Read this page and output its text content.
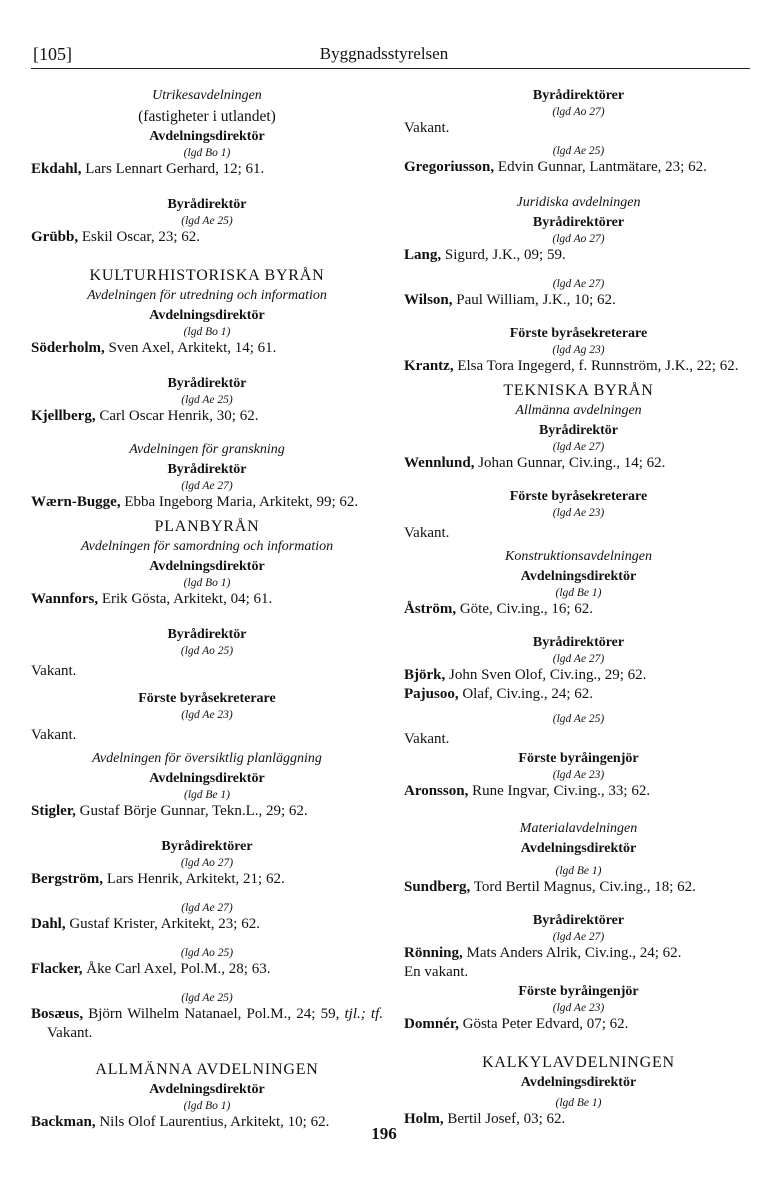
[105]	Byggnadsstyrelsen
Utrikesavdelningen
(fastigheter i utlandet)
Avdelningsdirektör
(lgd Bo 1)
Ekdahl, Lars Lennart Gerhard, 12; 61.
Byrådirektör
(lgd Ae 25)
Grübb, Eskil Oscar, 23; 62.
KULTURHISTORISKA BYRÅN
Avdelningen för utredning och information
Avdelningsdirektör
(lgd Bo 1)
Söderholm, Sven Axel, Arkitekt, 14; 61.
Byrådirektör
(lgd Ae 25)
Kjellberg, Carl Oscar Henrik, 30; 62.
Avdelningen för granskning
Byrådirektör
(lgd Ae 27)
Wærn-Bugge, Ebba Ingeborg Maria, Arkitekt, 99; 62.
PLANBYRÅN
Avdelningen för samordning och information
Avdelningsdirektör
(lgd Bo 1)
Wannfors, Erik Gösta, Arkitekt, 04; 61.
Byrådirektör
(lgd Ao 25)
Vakant.
Förste byråsekreterare
(lgd Ae 23)
Vakant.
Avdelningen för översiktlig planläggning
Avdelningsdirektör
(lgd Be 1)
Stigler, Gustaf Börje Gunnar, Tekn.L., 29; 62.
Byrådirektörer
(lgd Ao 27)
Bergström, Lars Henrik, Arkitekt, 21; 62.
(lgd Ae 27)
Dahl, Gustaf Krister, Arkitekt, 23; 62.
(lgd Ao 25)
Flacker, Åke Carl Axel, Pol.M., 28; 63.
(lgd Ae 25)
Bosæus, Björn Wilhelm Natanael, Pol.M., 24; 59, tjl.; tf. Vakant.
ALLMÄNNA AVDELNINGEN
Avdelningsdirektör
(lgd Bo 1)
Backman, Nils Olof Laurentius, Arkitekt, 10; 62.
Byrådirektörer
(lgd Ao 27)
Vakant.
(lgd Ae 25)
Gregoriusson, Edvin Gunnar, Lantmätare, 23; 62.
Juridiska avdelningen
Byrådirektörer
(lgd Ao 27)
Lang, Sigurd, J.K., 09; 59.
(lgd Ae 27)
Wilson, Paul William, J.K., 10; 62.
Förste byråsekreterare
(lgd Ag 23)
Krantz, Elsa Tora Ingegerd, f. Runnström, J.K., 22; 62.
TEKNISKA BYRÅN
Allmänna avdelningen
Byrådirektör
(lgd Ae 27)
Wennlund, Johan Gunnar, Civ.ing., 14; 62.
Förste byråsekreterare
(lgd Ae 23)
Vakant.
Konstruktionsavdelningen
Avdelningsdirektör
(lgd Be 1)
Åström, Göte, Civ.ing., 16; 62.
Byrådirektörer
(lgd Ae 27)
Björk, John Sven Olof, Civ.ing., 29; 62.
Pajusoo, Olaf, Civ.ing., 24; 62.
(lgd Ae 25)
Vakant.
Förste byråingenjör
(lgd Ae 23)
Aronsson, Rune Ingvar, Civ.ing., 33; 62.
Materialavdelningen
Avdelningsdirektör
(lgd Be 1)
Sundberg, Tord Bertil Magnus, Civ.ing., 18; 62.
Byrådirektörer
(lgd Ae 27)
Rönning, Mats Anders Alrik, Civ.ing., 24; 62.
En vakant.
Förste byråingenjör
(lgd Ae 23)
Domnér, Gösta Peter Edvard, 07; 62.
KALKYLAVDELNINGEN
Avdelningsdirektör
(lgd Be 1)
Holm, Bertil Josef, 03; 62.
196
